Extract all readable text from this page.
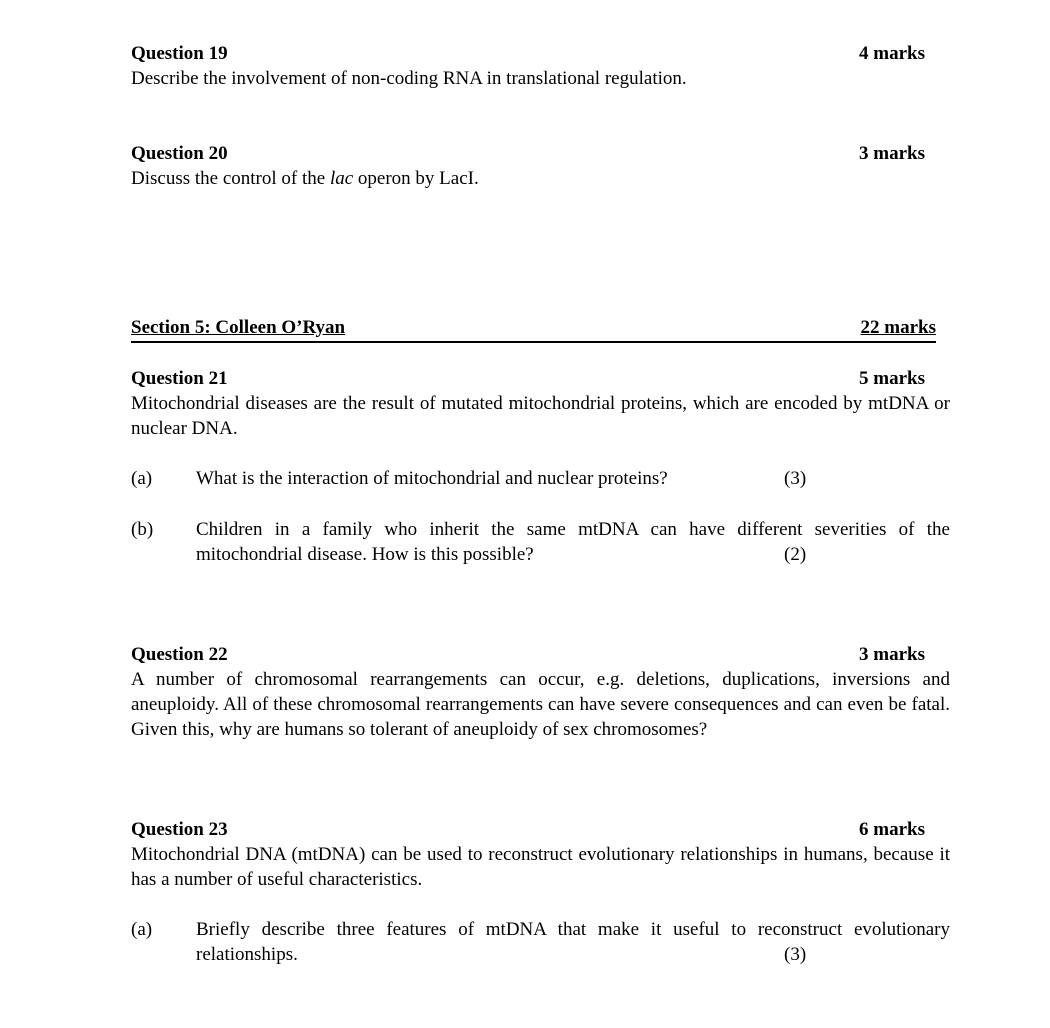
Question 19	4 marks
Describe the involvement of non-coding RNA in translational regulation.
Question 20	3 marks
Discuss the control of the lac operon by LacI.
Section 5: Colleen O’Ryan	22 marks
Question 21	5 marks
Mitochondrial diseases are the result of mutated mitochondrial proteins, which are encoded by mtDNA or nuclear DNA.
(a) What is the interaction of mitochondrial and nuclear proteins?	(3)
(b) Children in a family who inherit the same mtDNA can have different severities of the mitochondrial disease. How is this possible?	(2)
Question 22	3 marks
A number of chromosomal rearrangements can occur, e.g. deletions, duplications, inversions and aneuploidy. All of these chromosomal rearrangements can have severe consequences and can even be fatal. Given this, why are humans so tolerant of aneuploidy of sex chromosomes?
Question 23	6 marks
Mitochondrial DNA (mtDNA) can be used to reconstruct evolutionary relationships in humans, because it has a number of useful characteristics.
(a) Briefly describe three features of mtDNA that make it useful to reconstruct evolutionary relationships.	(3)
